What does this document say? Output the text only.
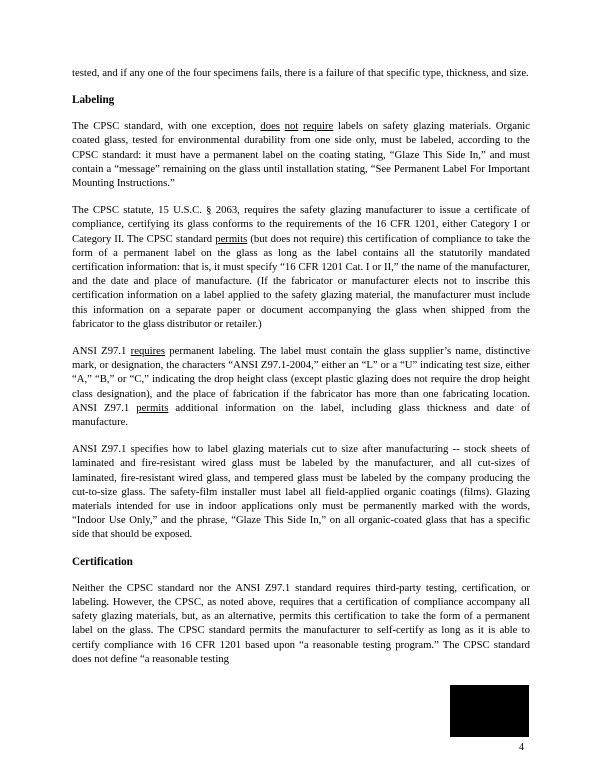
tested, and if any one of the four specimens fails, there is a failure of that specific type, thickness, and size.

Labeling

The CPSC standard, with one exception, does not require labels on safety glazing materials. Organic coated glass, tested for environmental durability from one side only, must be labeled, according to the CPSC standard: it must have a permanent label on the coating stating, “Glaze This Side In,” and must contain a “message” remaining on the glass until installation stating, “See Permanent Label For Important Mounting Instructions.”

The CPSC statute, 15 U.S.C. § 2063, requires the safety glazing manufacturer to issue a certificate of compliance, certifying its glass conforms to the requirements of the 16 CFR 1201, either Category I or Category II. The CPSC standard permits (but does not require) this certification of compliance to take the form of a permanent label on the glass as long as the label contains all the statutorily mandated certification information: that is, it must specify “16 CFR 1201 Cat. I or II,” the name of the manufacturer, and the date and place of manufacture. (If the fabricator or manufacturer elects not to inscribe this certification information on a label applied to the safety glazing material, the manufacturer must include this information on a separate paper or document accompanying the glass when shipped from the fabricator to the glass distributor or retailer.)

ANSI Z97.1 requires permanent labeling. The label must contain the glass supplier’s name, distinctive mark, or designation, the characters “ANSI Z97.1-2004,” either an “L” or a “U” indicating test size, either “A,” “B,” or “C,” indicating the drop height class (except plastic glazing does not require the drop height class designation), and the place of fabrication if the fabricator has more than one fabricating location. ANSI Z97.1 permits additional information on the label, including glass thickness and date of manufacture.

ANSI Z97.1 specifies how to label glazing materials cut to size after manufacturing -- stock sheets of laminated and fire-resistant wired glass must be labeled by the manufacturer, and all cut-sizes of laminated, fire-resistant wired glass, and tempered glass must be labeled by the company producing the cut-to-size glass. The safety-film installer must label all field-applied organic coatings (films). Glazing materials intended for use in indoor applications only must be permanently marked with the words, “Indoor Use Only,” and the phrase, “Glaze This Side In,” on all organic-coated glass that has a specific side that should be exposed.

Certification

Neither the CPSC standard nor the ANSI Z97.1 standard requires third-party testing, certification, or labeling. However, the CPSC, as noted above, requires that a certification of compliance accompany all safety glazing materials, but, as an alternative, permits this certification to take the form of a permanent label on the glass. The CPSC standard permits the manufacturer to self-certify as long as it is able to certify compliance with 16 CFR 1201 based upon “a reasonable testing program.” The CPSC standard does not define “a reasonable testing

4
